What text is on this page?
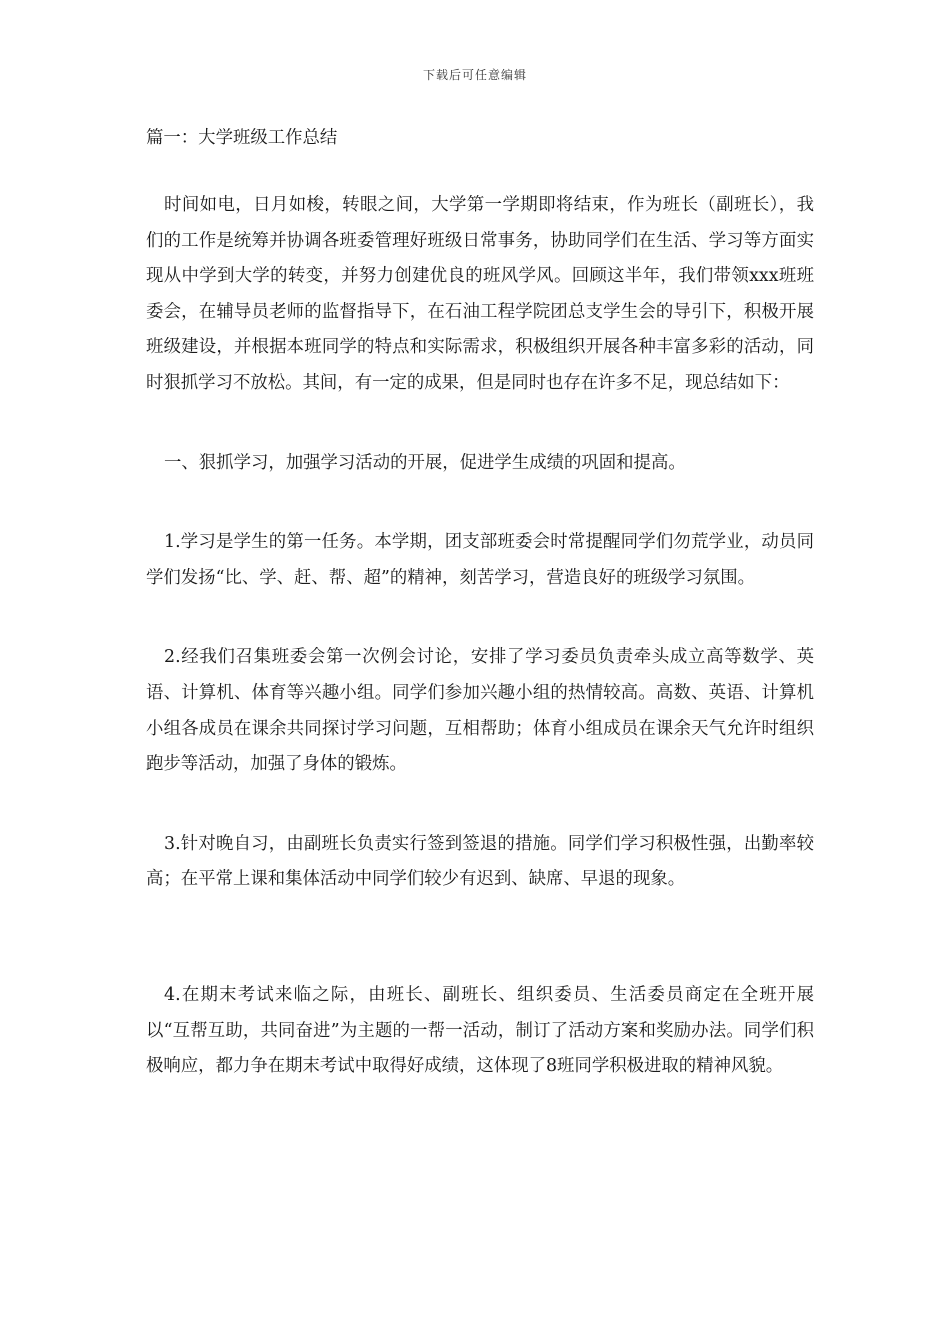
下载后可任意编辑
篇一：大学班级工作总结

时间如电，日月如梭，转眼之间，大学第一学期即将结束，作为班长（副班长），我们的工作是统筹并协调各班委管理好班级日常事务，协助同学们在生活、学习等方面实现从中学到大学的转变，并努力创建优良的班风学风。回顾这半年，我们带领xxx班班委会，在辅导员老师的监督指导下，在石油工程学院团总支学生会的导引下，积极开展班级建设，并根据本班同学的特点和实际需求，积极组织开展各种丰富多彩的活动，同时狠抓学习不放松。其间，有一定的成果，但是同时也存在许多不足，现总结如下：

一、狠抓学习，加强学习活动的开展，促进学生成绩的巩固和提高。

1.学习是学生的第一任务。本学期，团支部班委会时常提醒同学们勿荒学业，动员同学们发扬“比、学、赶、帮、超”的精神，刻苦学习，营造良好的班级学习氛围。

2.经我们召集班委会第一次例会讨论，安排了学习委员负责牵头成立高等数学、英语、计算机、体育等兴趣小组。同学们参加兴趣小组的热情较高。高数、英语、计算机小组各成员在课余共同探讨学习问题，互相帮助；体育小组成员在课余天气允许时组织跑步等活动，加强了身体的锻炼。

3.针对晚自习，由副班长负责实行签到签退的措施。同学们学习积极性强，出勤率较高；在平常上课和集体活动中同学们较少有迟到、缺席、早退的现象。

4.在期末考试来临之际，由班长、副班长、组织委员、生活委员商定在全班开展以“互帮互助，共同奋进”为主题的一帮一活动，制订了活动方案和奖励办法。同学们积极响应，都力争在期末考试中取得好成绩，这体现了8班同学积极进取的精神风貌。
